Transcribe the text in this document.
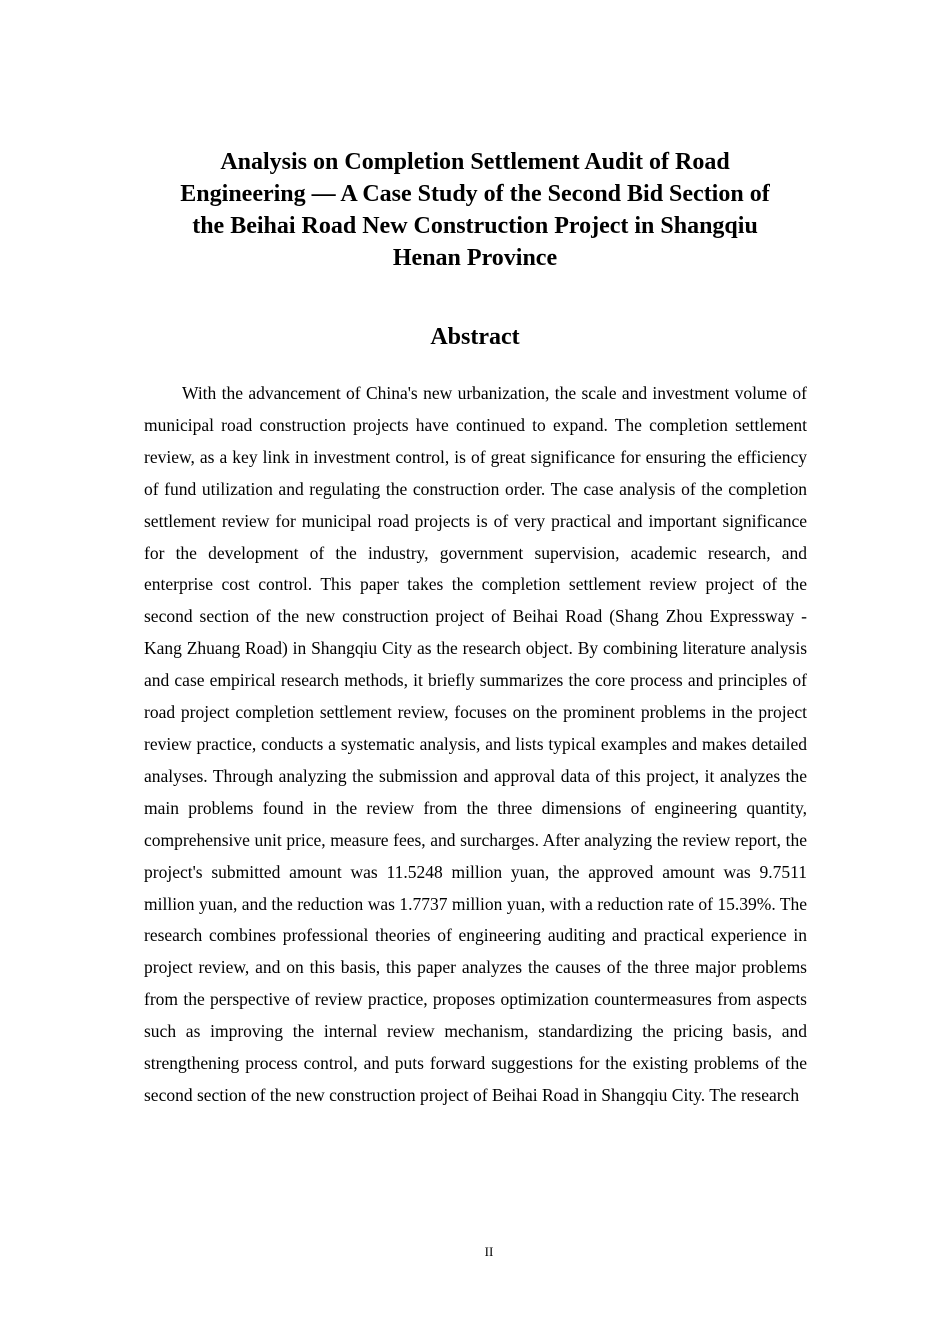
Analysis on Completion Settlement Audit of Road
Engineering — A Case Study of the Second Bid Section of
the Beihai Road New Construction Project in Shangqiu
Henan Province
Abstract

With the advancement of China's new urbanization, the scale and investment volume of municipal road construction projects have continued to expand. The completion settlement review, as a key link in investment control, is of great significance for ensuring the efficiency of fund utilization and regulating the construction order. The case analysis of the completion settlement review for municipal road projects is of very practical and important significance for the development of the industry, government supervision, academic research, and enterprise cost control. This paper takes the completion settlement review project of the second section of the new construction project of Beihai Road (Shang Zhou Expressway - Kang Zhuang Road) in Shangqiu City as the research object. By combining literature analysis and case empirical research methods, it briefly summarizes the core process and principles of road project completion settlement review, focuses on the prominent problems in the project review practice, conducts a systematic analysis, and lists typical examples and makes detailed analyses. Through analyzing the submission and approval data of this project, it analyzes the main problems found in the review from the three dimensions of engineering quantity, comprehensive unit price, measure fees, and surcharges. After analyzing the review report, the project's submitted amount was 11.5248 million yuan, the approved amount was 9.7511 million yuan, and the reduction was 1.7737 million yuan, with a reduction rate of 15.39%. The research combines professional theories of engineering auditing and practical experience in project review, and on this basis, this paper analyzes the causes of the three major problems from the perspective of review practice, proposes optimization countermeasures from aspects such as improving the internal review mechanism, standardizing the pricing basis, and strengthening process control, and puts forward suggestions for the existing problems of the second section of the new construction project of Beihai Road in Shangqiu City. The research

II
